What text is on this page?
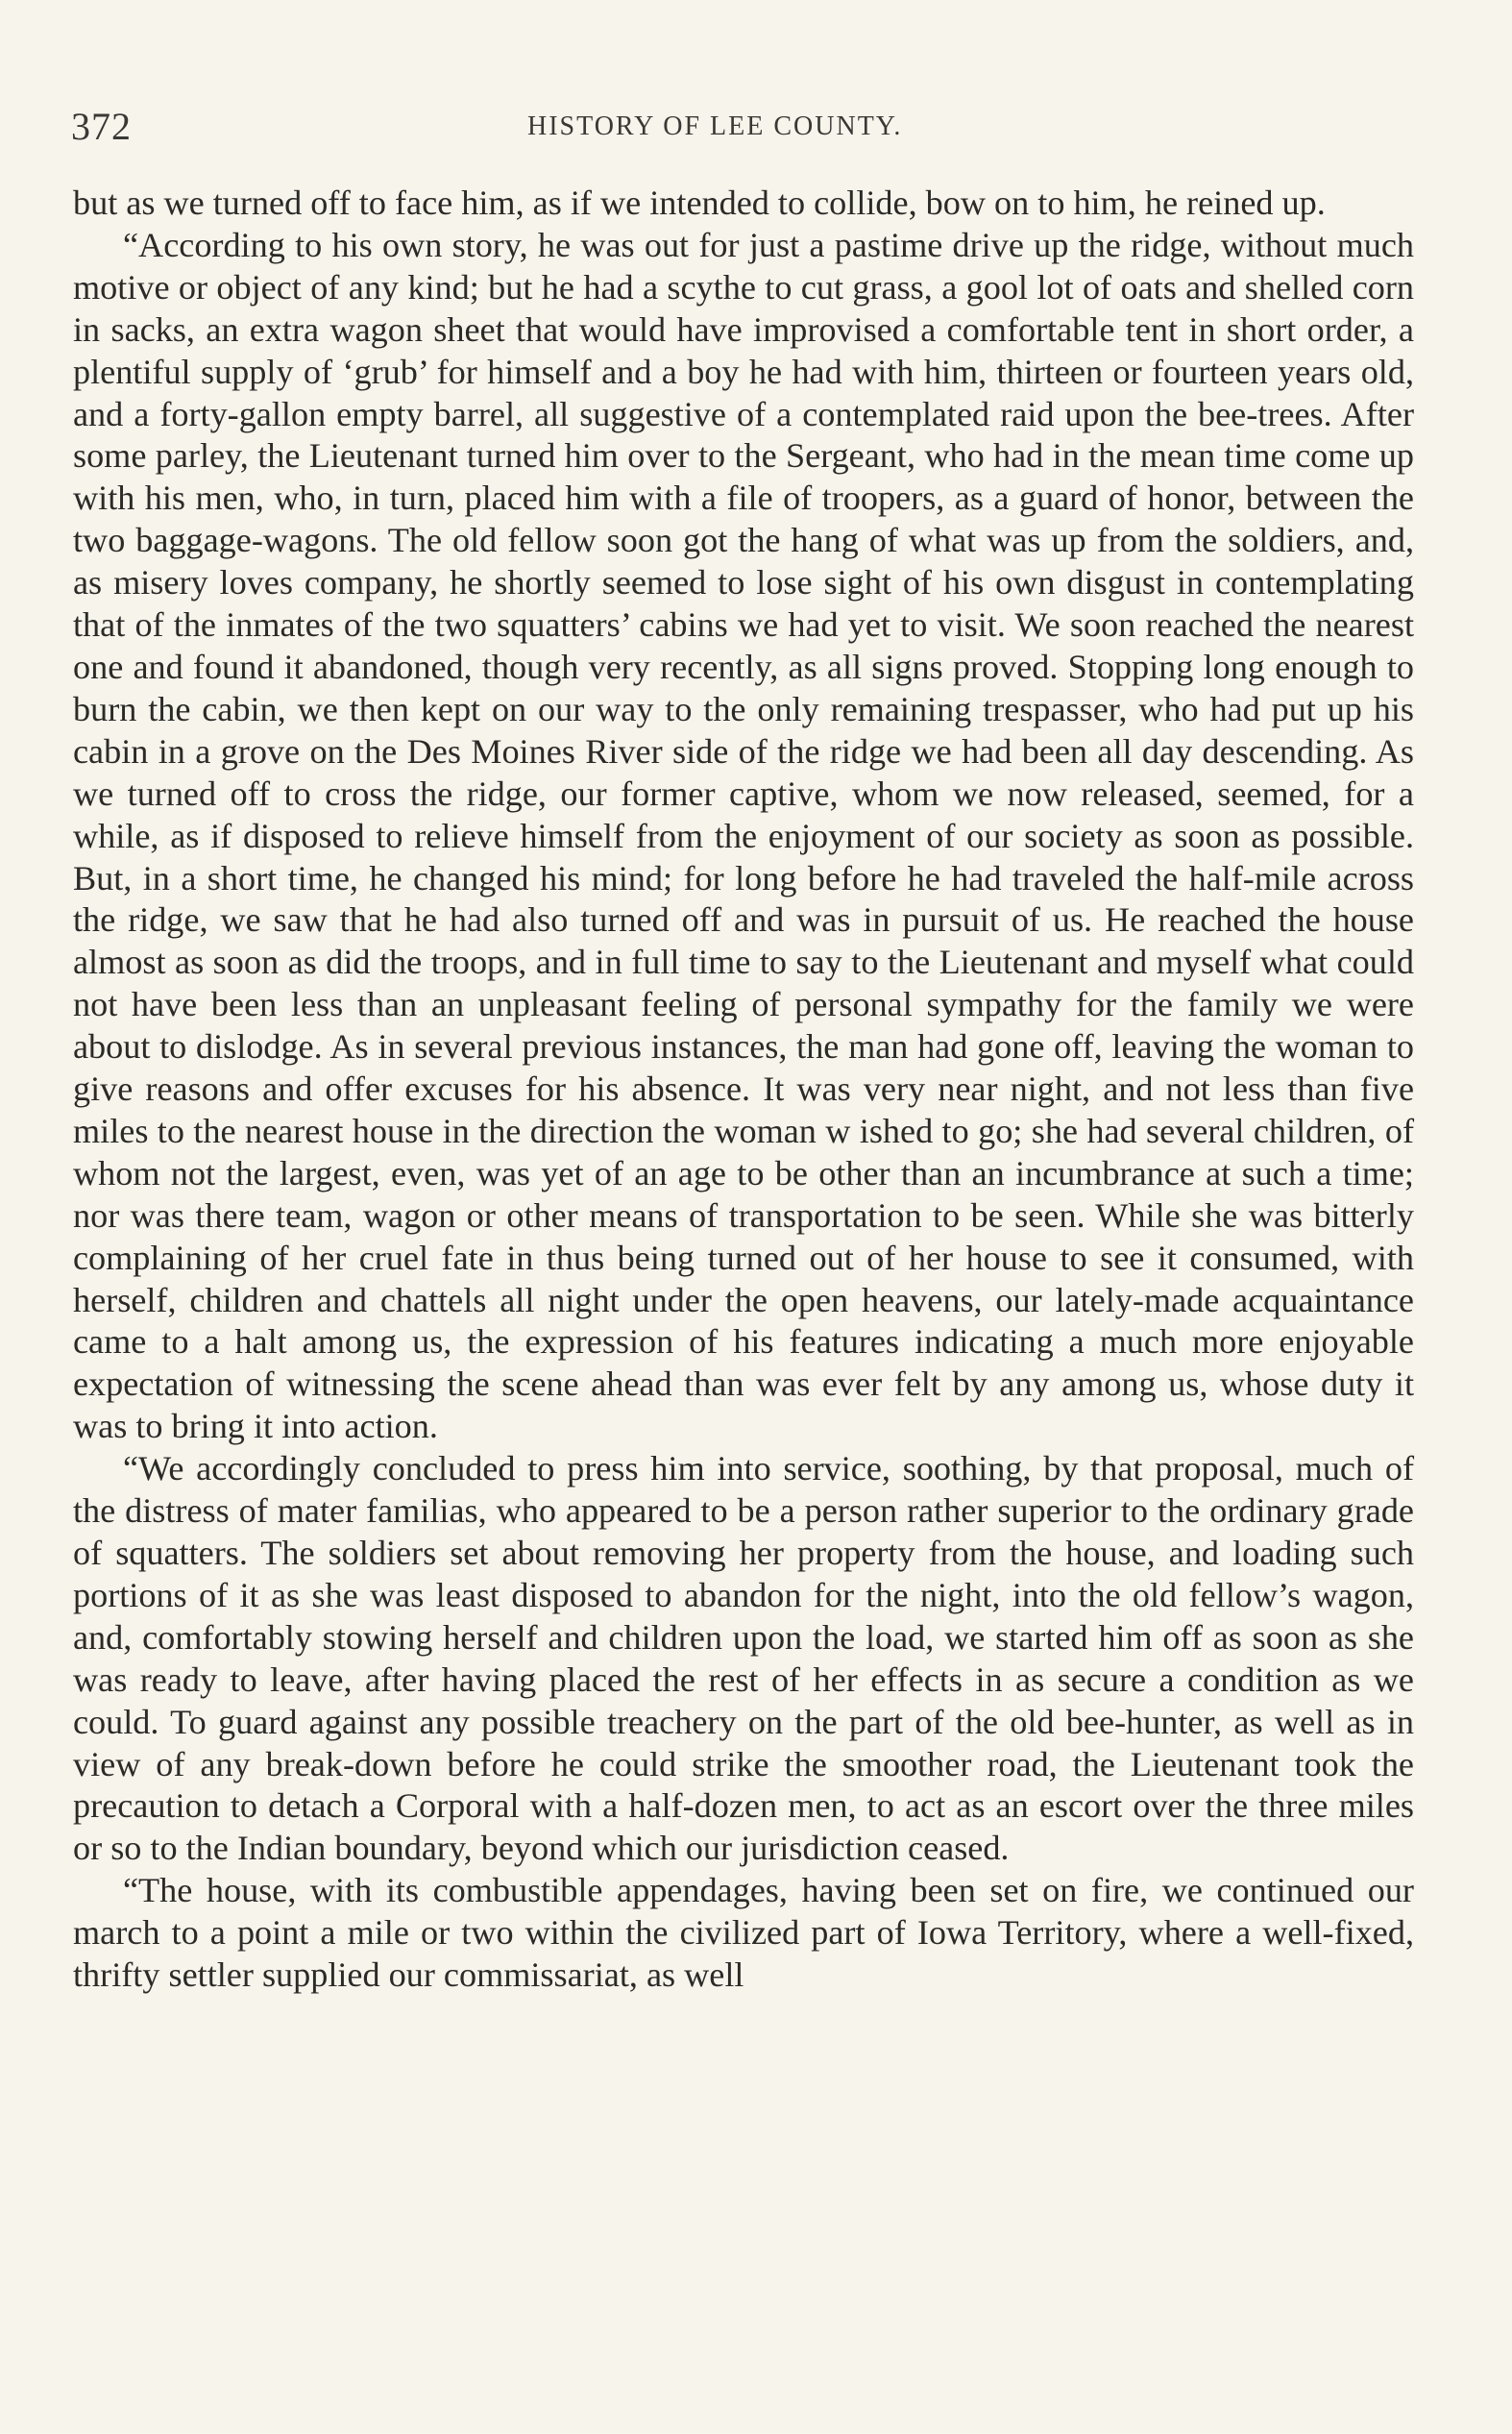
372	HISTORY OF LEE COUNTY.

but as we turned off to face him, as if we intended to collide, bow on to him, he reined up.

“According to his own story, he was out for just a pastime drive up the ridge, without much motive or object of any kind; but he had a scythe to cut grass, a gool lot of oats and shelled corn in sacks, an extra wagon sheet that would have improvised a comfortable tent in short order, a plentiful supply of ‘grub’ for himself and a boy he had with him, thirteen or fourteen years old, and a forty-gallon empty barrel, all suggestive of a contemplated raid upon the bee-trees. After some parley, the Lieutenant turned him over to the Sergeant, who had in the mean time come up with his men, who, in turn, placed him with a file of troopers, as a guard of honor, between the two baggage-wagons. The old fellow soon got the hang of what was up from the soldiers, and, as misery loves company, he shortly seemed to lose sight of his own disgust in contemplating that of the inmates of the two squatters’ cabins we had yet to visit. We soon reached the nearest one and found it abandoned, though very recently, as all signs proved. Stopping long enough to burn the cabin, we then kept on our way to the only remaining trespasser, who had put up his cabin in a grove on the Des Moines River side of the ridge we had been all day descending. As we turned off to cross the ridge, our former captive, whom we now released, seemed, for a while, as if disposed to relieve himself from the enjoyment of our society as soon as possible. But, in a short time, he changed his mind; for long before he had traveled the half-mile across the ridge, we saw that he had also turned off and was in pursuit of us. He reached the house almost as soon as did the troops, and in full time to say to the Lieutenant and myself what could not have been less than an unpleasant feeling of personal sympathy for the family we were about to dislodge. As in several previous instances, the man had gone off, leaving the woman to give reasons and offer excuses for his absence. It was very near night, and not less than five miles to the nearest house in the direction the woman w ished to go; she had several children, of whom not the largest, even, was yet of an age to be other than an incumbrance at such a time; nor was there team, wagon or other means of transportation to be seen. While she was bitterly complaining of her cruel fate in thus being turned out of her house to see it consumed, with herself, children and chattels all night under the open heavens, our lately-made acquaintance came to a halt among us, the expression of his features indicating a much more enjoyable expectation of witnessing the scene ahead than was ever felt by any among us, whose duty it was to bring it into action.

“We accordingly concluded to press him into service, soothing, by that proposal, much of the distress of mater familias, who appeared to be a person rather superior to the ordinary grade of squatters. The soldiers set about removing her property from the house, and loading such portions of it as she was least disposed to abandon for the night, into the old fellow’s wagon, and, comfortably stowing herself and children upon the load, we started him off as soon as she was ready to leave, after having placed the rest of her effects in as secure a condition as we could. To guard against any possible treachery on the part of the old bee-hunter, as well as in view of any break-down before he could strike the smoother road, the Lieutenant took the precaution to detach a Corporal with a half-dozen men, to act as an escort over the three miles or so to the Indian boundary, beyond which our jurisdiction ceased.

“The house, with its combustible appendages, having been set on fire, we continued our march to a point a mile or two within the civilized part of Iowa Territory, where a well-fixed, thrifty settler supplied our commissariat, as well
